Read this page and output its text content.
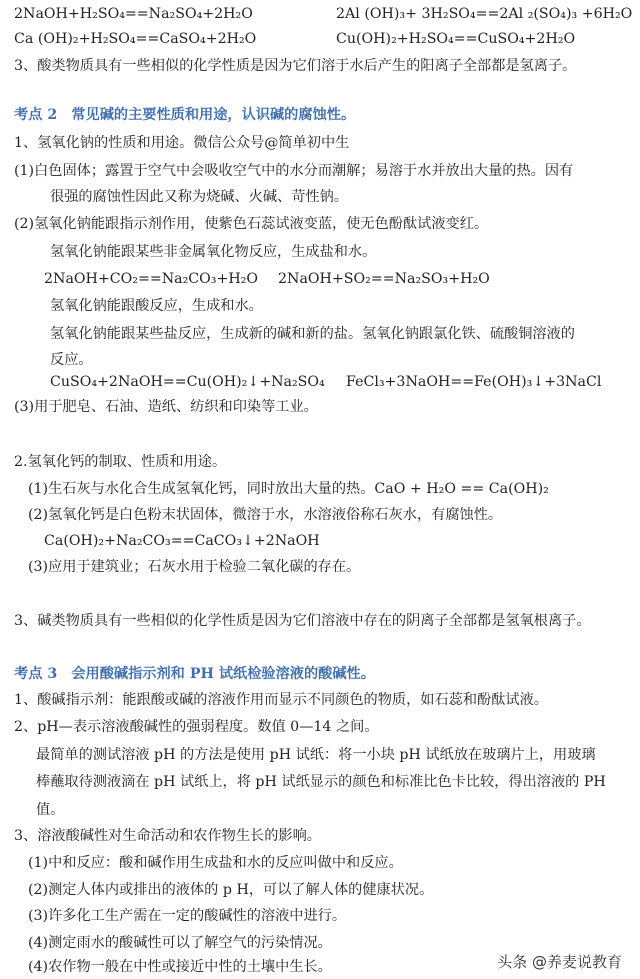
2NaOH+H₂SO₄==Na₂SO₄+2H₂O	2Al (OH)₃+ 3H₂SO₄==2Al ₂(SO₄)₃ +6H₂O
Ca (OH)₂+H₂SO₄==CaSO₄+2H₂O	Cu(OH)₂+H₂SO₄==CuSO₄+2H₂O
3、酸类物质具有一些相似的化学性质是因为它们溶于水后产生的阳离子全部都是氢离子。
考点 2　常见碱的主要性质和用途，认识碱的腐蚀性。
1、氢氧化钠的性质和用途。微信公众号@简单初中生
(1)白色固体；露置于空气中会吸收空气中的水分而潮解；易溶于水并放出大量的热。因有
很强的腐蚀性因此又称为烧碱、火碱、苛性钠。
(2)氢氧化钠能跟指示剂作用，使紫色石蕊试液变蓝，使无色酚酞试液变红。
氢氧化钠能跟某些非金属氧化物反应，生成盐和水。
2NaOH+CO₂==Na₂CO₃+H₂O 2NaOH+SO₂==Na₂SO₃+H₂O
氢氧化钠能跟酸反应，生成和水。
氢氧化钠能跟某些盐反应，生成新的碱和新的盐。氢氧化钠跟氯化铁、硫酸铜溶液的
反应。
CuSO₄+2NaOH==Cu(OH)₂↓+Na₂SO₄ FeCl₃+3NaOH==Fe(OH)₃↓+3NaCl
(3)用于肥皂、石油、造纸、纺织和印染等工业。
2.氢氧化钙的制取、性质和用途。
(1)生石灰与水化合生成氢氧化钙，同时放出大量的热。CaO + H₂O == Ca(OH)₂
(2)氢氧化钙是白色粉末状固体，微溶于水，水溶液俗称石灰水，有腐蚀性。
Ca(OH)₂+Na₂CO₃==CaCO₃↓+2NaOH
(3)应用于建筑业；石灰水用于检验二氧化碳的存在。
3、碱类物质具有一些相似的化学性质是因为它们溶液中存在的阴离子全部都是氢氧根离子。
考点 3　会用酸碱指示剂和 PH 试纸检验溶液的酸碱性。
1、酸碱指示剂：能跟酸或碱的溶液作用而显示不同颜色的物质，如石蕊和酚酞试液。
2、pH—表示溶液酸碱性的强弱程度。数值 0—14 之间。
最简单的测试溶液 pH 的方法是使用 pH 试纸：将一小块 pH 试纸放在玻璃片上，用玻璃
棒蘸取待测液滴在 pH 试纸上，将 pH 试纸显示的颜色和标准比色卡比较，得出溶液的 PH
值。
3、溶液酸碱性对生命活动和农作物生长的影响。
(1)中和反应：酸和碱作用生成盐和水的反应叫做中和反应。
(2)测定人体内或排出的液体的 p H，可以了解人体的健康状况。
(3)许多化工生产需在一定的酸碱性的溶液中进行。
(4)测定雨水的酸碱性可以了解空气的污染情况。
(4)农作物一般在中性或接近中性的土壤中生长。	头条 @养麦说教育
